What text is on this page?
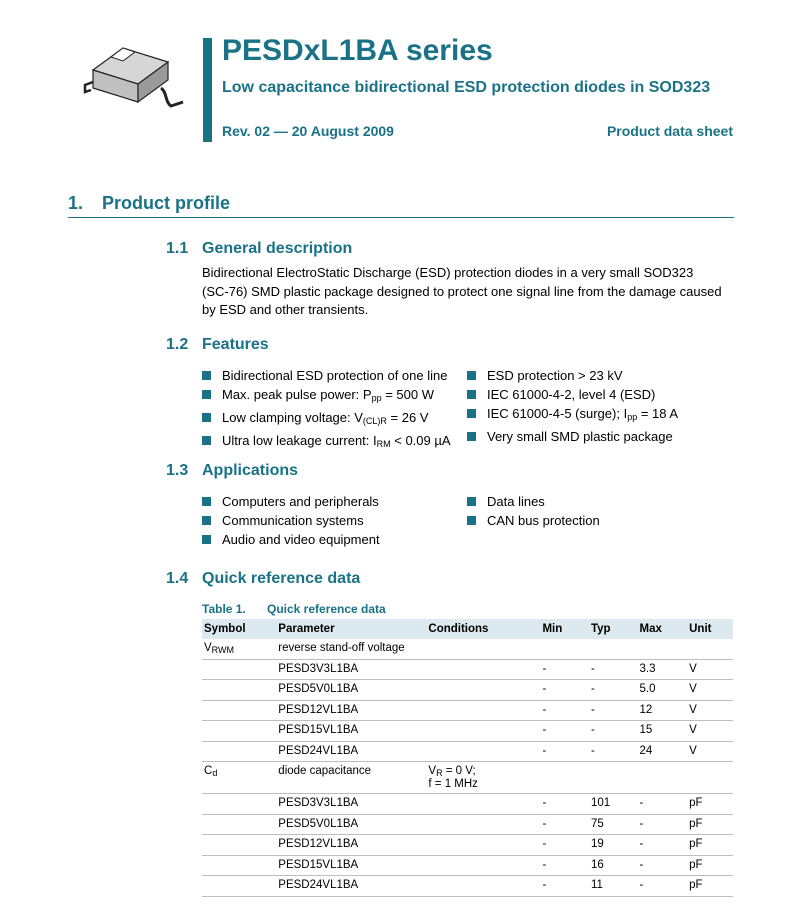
PESDxL1BA series
Low capacitance bidirectional ESD protection diodes in SOD323
Rev. 02 — 20 August 2009	Product data sheet
1. Product profile
1.1 General description
Bidirectional ElectroStatic Discharge (ESD) protection diodes in a very small SOD323 (SC-76) SMD plastic package designed to protect one signal line from the damage caused by ESD and other transients.
1.2 Features
Bidirectional ESD protection of one line
Max. peak pulse power: $P_{pp} = 500$ W
Low clamping voltage: $V_{(CL)R} = 26$ V
Ultra low leakage current: $I_{RM} < 0.09$ µA
ESD protection > 23 kV
IEC 61000-4-2, level 4 (ESD)
IEC 61000-4-5 (surge); $I_{pp} = 18$ A
Very small SMD plastic package
1.3 Applications
Computers and peripherals
Communication systems
Audio and video equipment
Data lines
CAN bus protection
1.4 Quick reference data
Table 1. Quick reference data
Symbol	Parameter	Conditions	Min	Typ	Max	Unit
$V_{RWM}$	reverse stand-off voltage					
	PESD3V3L1BA		-	-	3.3	V
	PESD5V0L1BA		-	-	5.0	V
	PESD12VL1BA		-	-	12	V
	PESD15VL1BA		-	-	15	V
	PESD24VL1BA		-	-	24	V
$C_d$	diode capacitance	$V_R = 0$ V;
f = 1 MHz				
	PESD3V3L1BA		-	101	-	pF
	PESD5V0L1BA		-	75	-	pF
	PESD12VL1BA		-	19	-	pF
	PESD15VL1BA		-	16	-	pF
	PESD24VL1BA		-	11	-	pF
